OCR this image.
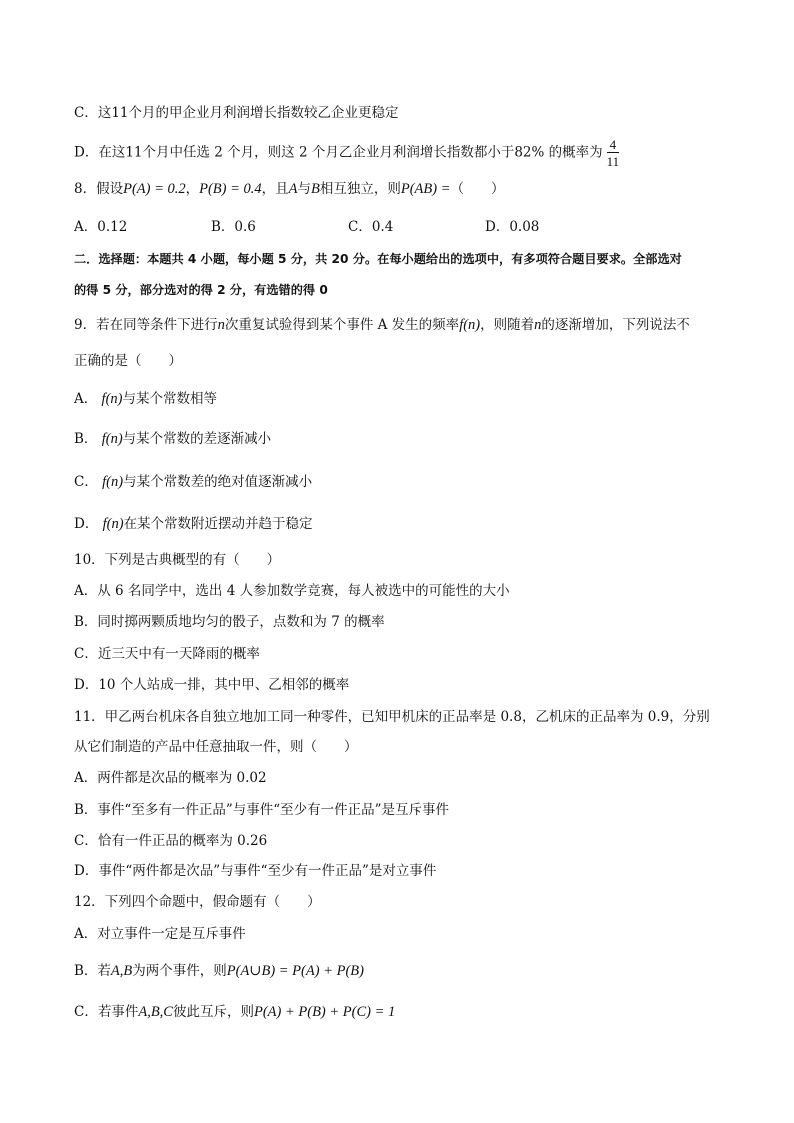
C．这11个月的甲企业月利润增长指数较乙企业更稳定
D．在这11个月中任选 2 个月，则这 2 个月乙企业月利润增长指数都小于82% 的概率为 $\frac{4}{11}$
8．假设P(A) = 0.2，P(B) = 0.4，且A与B相互独立，则P(AB) =（　　）
A．0.12	B．0.6	C．0.4	D．0.08
二．选择题：本题共 4 小题，每小题 5 分，共 20 分。在每小题给出的选项中，有多项符合题目要求。全部选对
的得 5 分，部分选对的得 2 分，有选错的得 0
9．若在同等条件下进行n次重复试验得到某个事件 A 发生的频率f(n)，则随着n的逐渐增加，下列说法不
正确的是（　　）
A． f(n)与某个常数相等
B． f(n)与某个常数的差逐渐减小
C． f(n)与某个常数差的绝对值逐渐减小
D． f(n)在某个常数附近摆动并趋于稳定
10．下列是古典概型的有（　　）
A．从 6 名同学中，选出 4 人参加数学竞赛，每人被选中的可能性的大小
B．同时掷两颗质地均匀的骰子，点数和为 7 的概率
C．近三天中有一天降雨的概率
D．10 个人站成一排，其中甲、乙相邻的概率
11．甲乙两台机床各自独立地加工同一种零件，已知甲机床的正品率是 0.8，乙机床的正品率为 0.9，分别
从它们制造的产品中任意抽取一件，则（　　）
A．两件都是次品的概率为 0.02
B．事件“至多有一件正品”与事件“至少有一件正品”是互斥事件
C．恰有一件正品的概率为 0.26
D．事件“两件都是次品”与事件“至少有一件正品”是对立事件
12．下列四个命题中，假命题有（　　）
A．对立事件一定是互斥事件
B．若A,B为两个事件，则P(A∪B) = P(A) + P(B)
C．若事件A,B,C彼此互斥，则P(A) + P(B) + P(C) = 1
